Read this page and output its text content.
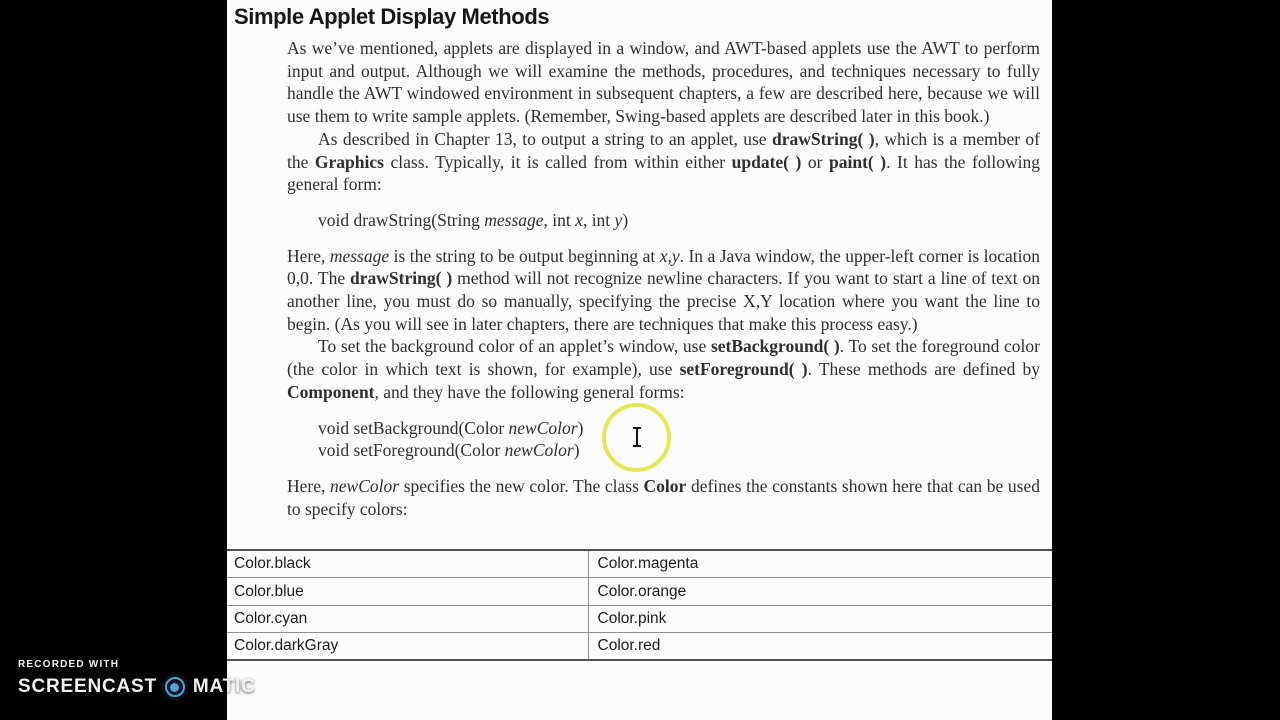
Simple Applet Display Methods

As we’ve mentioned, applets are displayed in a window, and AWT-based applets use the AWT to perform input and output. Although we will examine the methods, procedures, and techniques necessary to fully handle the AWT windowed environment in subsequent chapters, a few are described here, because we will use them to write sample applets. (Remember, Swing-based applets are described later in this book.)

As described in Chapter 13, to output a string to an applet, use drawString( ), which is a member of the Graphics class. Typically, it is called from within either update( ) or paint( ). It has the following general form:

void drawString(String message, int x, int y)

Here, message is the string to be output beginning at x,y. In a Java window, the upper-left corner is location 0,0. The drawString( ) method will not recognize newline characters. If you want to start a line of text on another line, you must do so manually, specifying the precise X,Y location where you want the line to begin. (As you will see in later chapters, there are techniques that make this process easy.)

To set the background color of an applet’s window, use setBackground( ). To set the foreground color (the color in which text is shown, for example), use setForeground( ). These methods are defined by Component, and they have the following general forms:

void setBackground(Color newColor)
void setForeground(Color newColor)

Here, newColor specifies the new color. The class Color defines the constants shown here that can be used to specify colors:

Color.black	Color.magenta
Color.blue	Color.orange
Color.cyan	Color.pink
Color.darkGray	Color.red
RECORDED WITH
SCREENCAST MATIC
